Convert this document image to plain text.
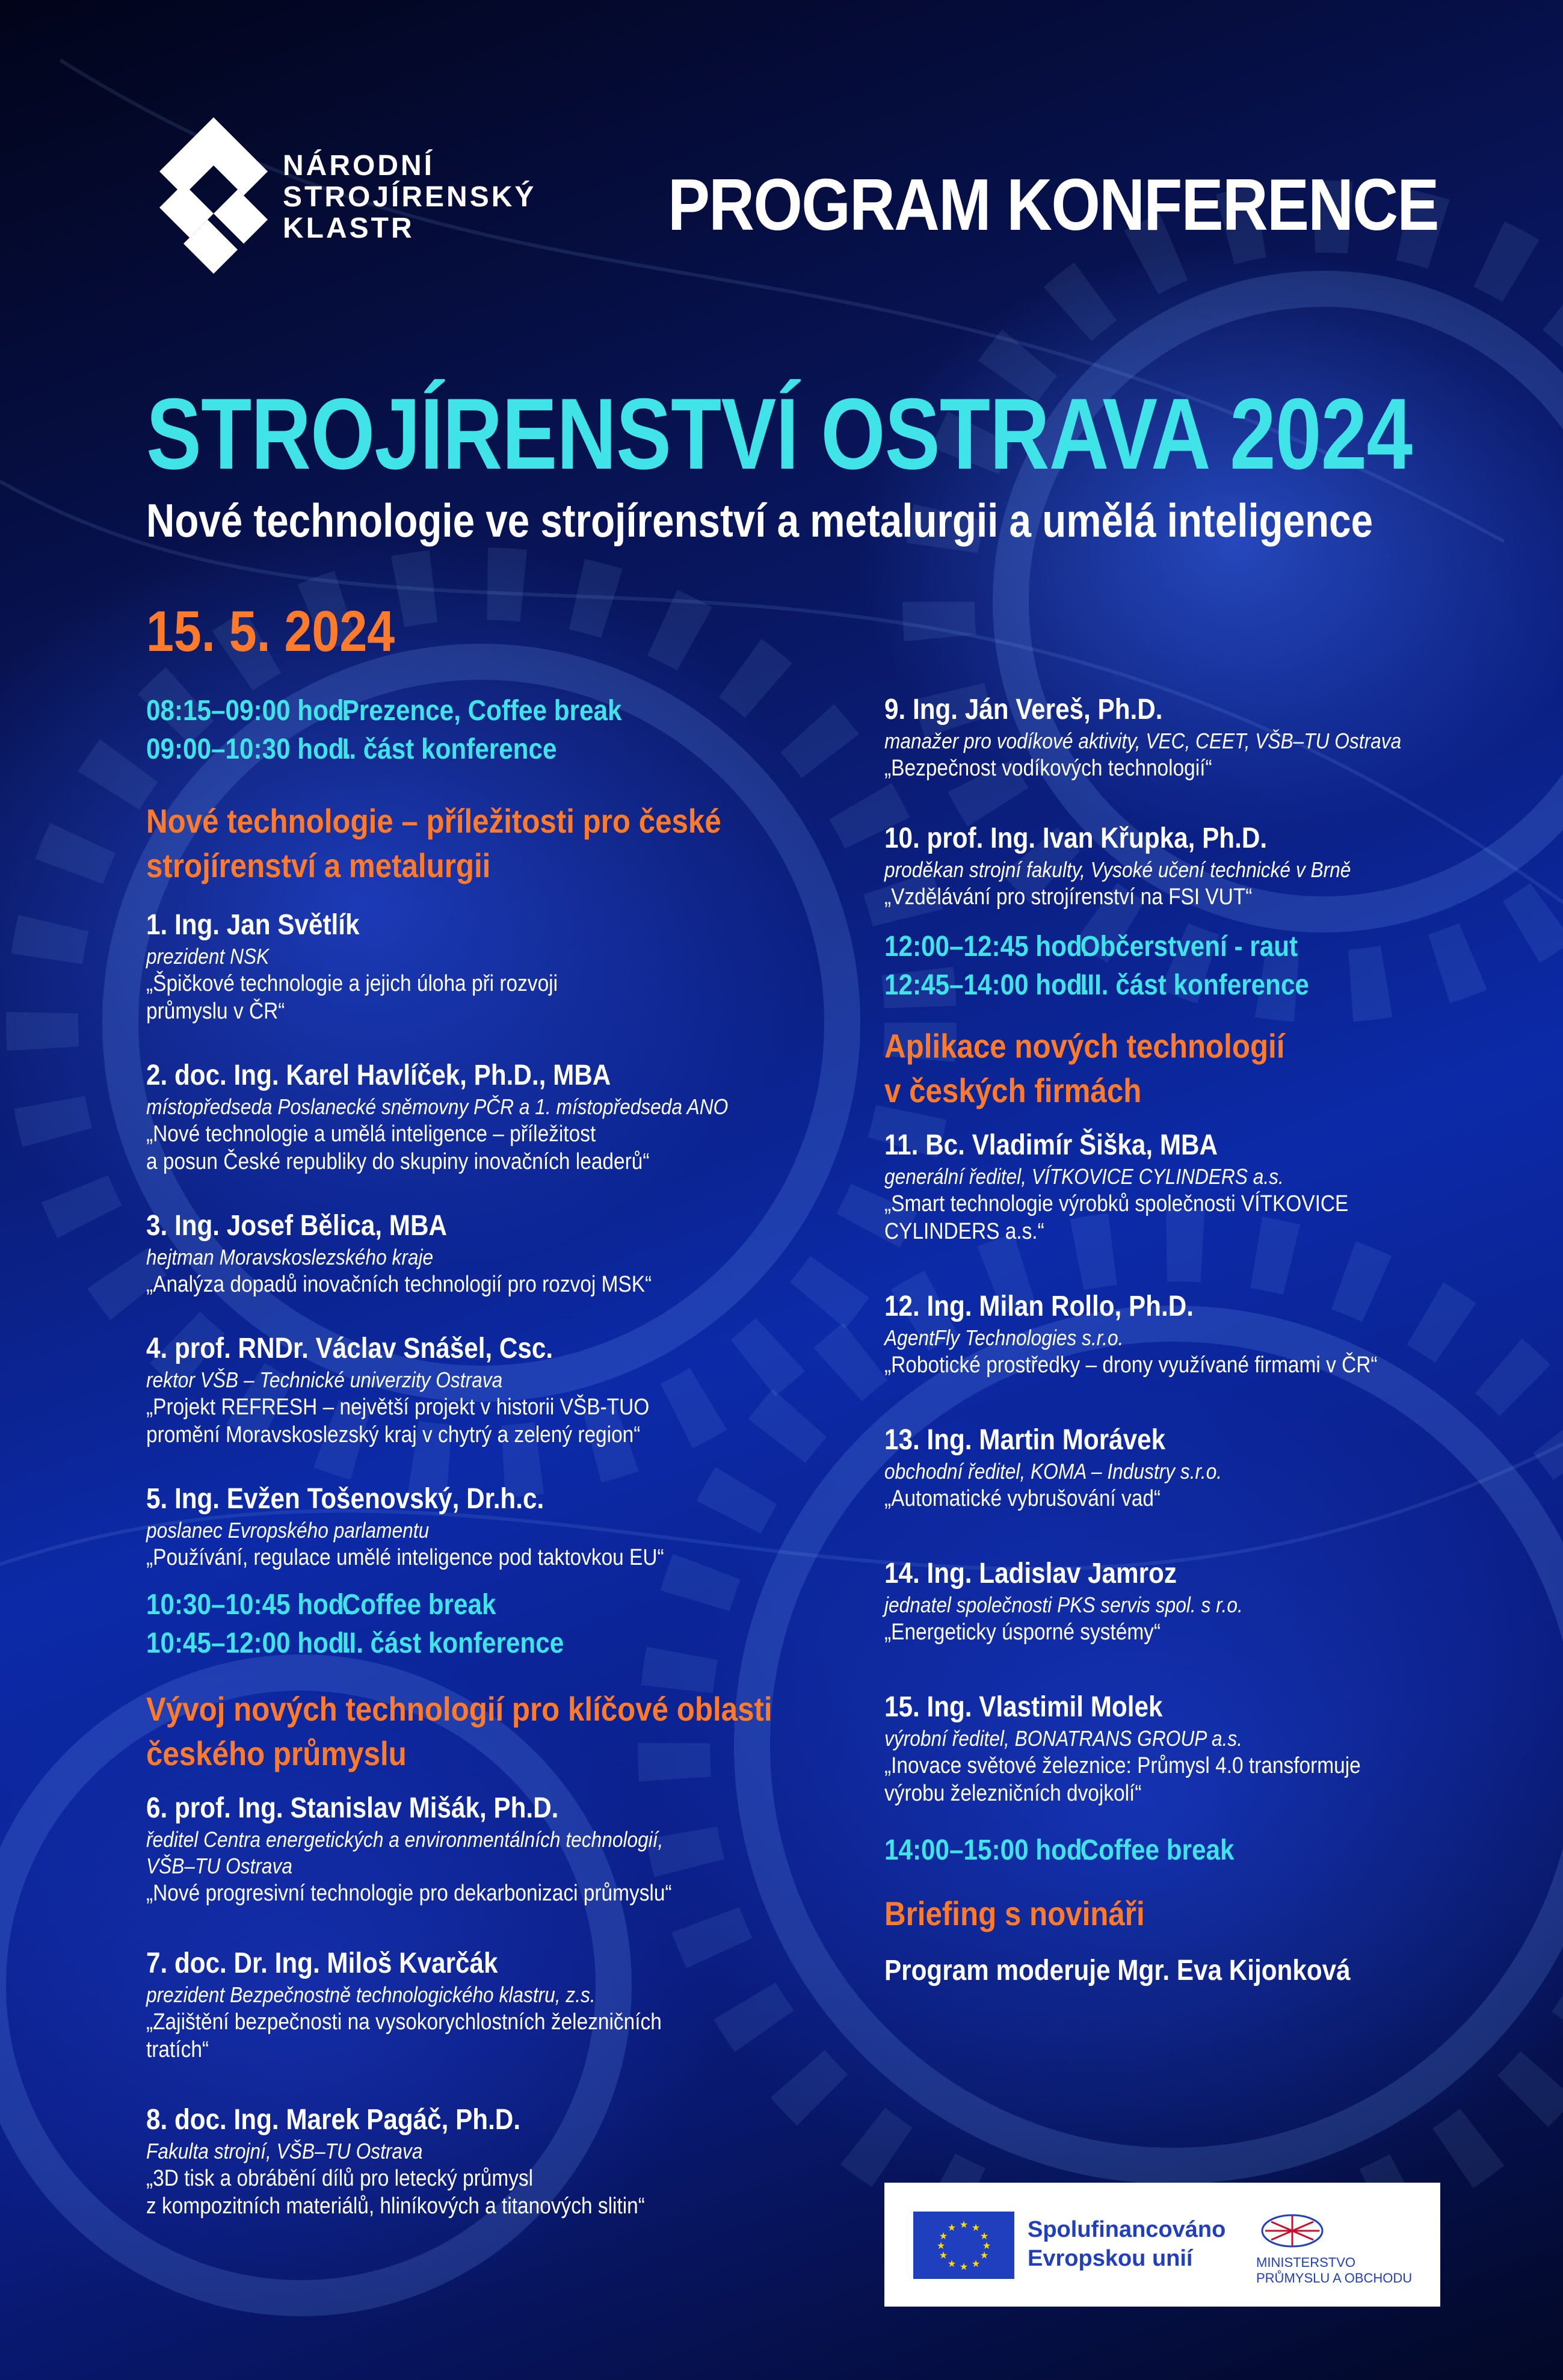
NÁRODNÍ
STROJÍRENSKÝ
KLASTR	PROGRAM KONFERENCE
STROJÍRENSTVÍ OSTRAVA 2024
Nové technologie ve strojírenství a metalurgii a umělá inteligence
15. 5. 2024
08:15–09:00 hod.Prezence, Coffee break
09:00–10:30 hod.I. část konference
Nové technologie – příležitosti pro české
strojírenství a metalurgii
1. Ing. Jan Světlík
prezident NSK
„Špičkové technologie a jejich úloha při rozvoji
průmyslu v ČR“
2. doc. Ing. Karel Havlíček, Ph.D., MBA
místopředseda Poslanecké sněmovny PČR a 1. místopředseda ANO
„Nové technologie a umělá inteligence – příležitost
a posun České republiky do skupiny inovačních leaderů“
3. Ing. Josef Bělica, MBA
hejtman Moravskoslezského kraje
„Analýza dopadů inovačních technologií pro rozvoj MSK“
4. prof. RNDr. Václav Snášel, Csc.
rektor VŠB – Technické univerzity Ostrava
„Projekt REFRESH – největší projekt v historii VŠB-TUO
promění Moravskoslezský kraj v chytrý a zelený region“
5. Ing. Evžen Tošenovský, Dr.h.c.
poslanec Evropského parlamentu
„Používání, regulace umělé inteligence pod taktovkou EU“
10:30–10:45 hod.Coffee break
10:45–12:00 hod.II. část konference
Vývoj nových technologií pro klíčové oblasti
českého průmyslu
6. prof. Ing. Stanislav Mišák, Ph.D.
ředitel Centra energetických a environmentálních technologií,
VŠB–TU Ostrava
„Nové progresivní technologie pro dekarbonizaci průmyslu“
7. doc. Dr. Ing. Miloš Kvarčák
prezident Bezpečnostně technologického klastru, z.s.
„Zajištění bezpečnosti na vysokorychlostních železničních
tratích“
8. doc. Ing. Marek Pagáč, Ph.D.
Fakulta strojní, VŠB–TU Ostrava
„3D tisk a obrábění dílů pro letecký průmysl
z kompozitních materiálů, hliníkových a titanových slitin“
9. Ing. Ján Vereš, Ph.D.
manažer pro vodíkové aktivity, VEC, CEET, VŠB–TU Ostrava
„Bezpečnost vodíkových technologií“
10. prof. Ing. Ivan Křupka, Ph.D.
proděkan strojní fakulty, Vysoké učení technické v Brně
„Vzdělávání pro strojírenství na FSI VUT“
12:00–12:45 hod.Občerstvení - raut
12:45–14:00 hod.III. část konference
Aplikace nových technologií
v českých firmách
11. Bc. Vladimír Šiška, MBA
generální ředitel, VÍTKOVICE CYLINDERS a.s.
„Smart technologie výrobků společnosti VÍTKOVICE
CYLINDERS a.s.“
12. Ing. Milan Rollo, Ph.D.
AgentFly Technologies s.r.o.
„Robotické prostředky – drony využívané firmami v ČR“
13. Ing. Martin Morávek
obchodní ředitel, KOMA – Industry s.r.o.
„Automatické vybrušování vad“
14. Ing. Ladislav Jamroz
jednatel společnosti PKS servis spol. s r.o.
„Energeticky úsporné systémy“
15. Ing. Vlastimil Molek
výrobní ředitel, BONATRANS GROUP a.s.
„Inovace světové železnice: Průmysl 4.0 transformuje
výrobu železničních dvojkolí“
14:00–15:00 hod.Coffee break
Briefing s novináři
Program moderuje Mgr. Eva Kijonková
★ ★
★
★
★
★
★
★
★
★
★
★	Spolufinancováno
Evropskou unií	MINISTERSTVO
PRŮMYSLU A OBCHODU
